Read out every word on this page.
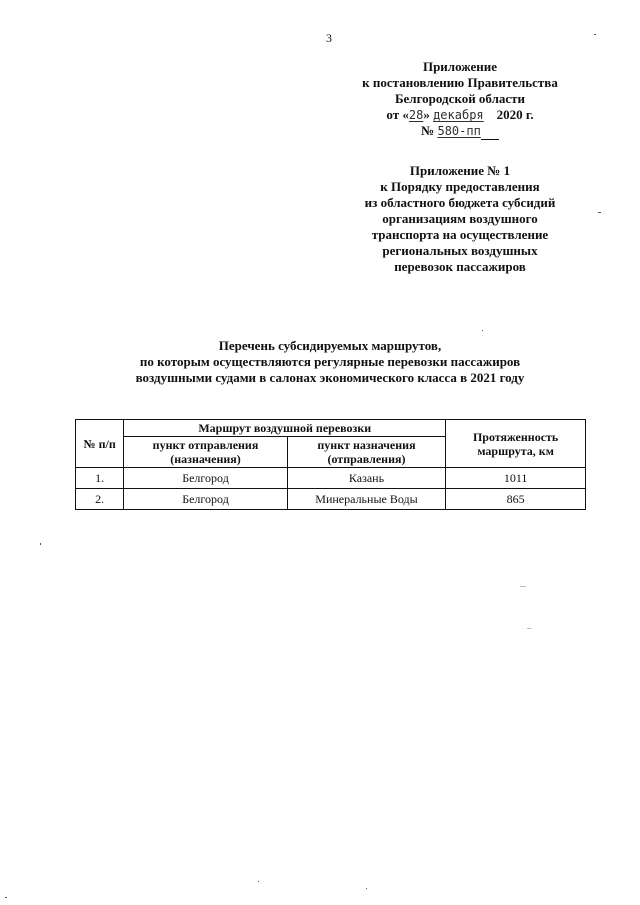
3
Приложение
к постановлению Правительства
Белгородской области
от «28» декабря 2020 г.
№ 580-пп
Приложение № 1
к Порядку предоставления
из областного бюджета субсидий
организациям воздушного
транспорта на осуществление
региональных воздушных
перевозок пассажиров
Перечень субсидируемых маршрутов,
по которым осуществляются регулярные перевозки пассажиров
воздушными судами в салонах экономического класса в 2021 году
№ п/п	Маршрут воздушной перевозки		Протяженность маршрута, км
	пункт отправления (назначения)	пункт назначения (отправления)	
1.	Белгород	Казань	1011
2.	Белгород	Минеральные Воды	865
